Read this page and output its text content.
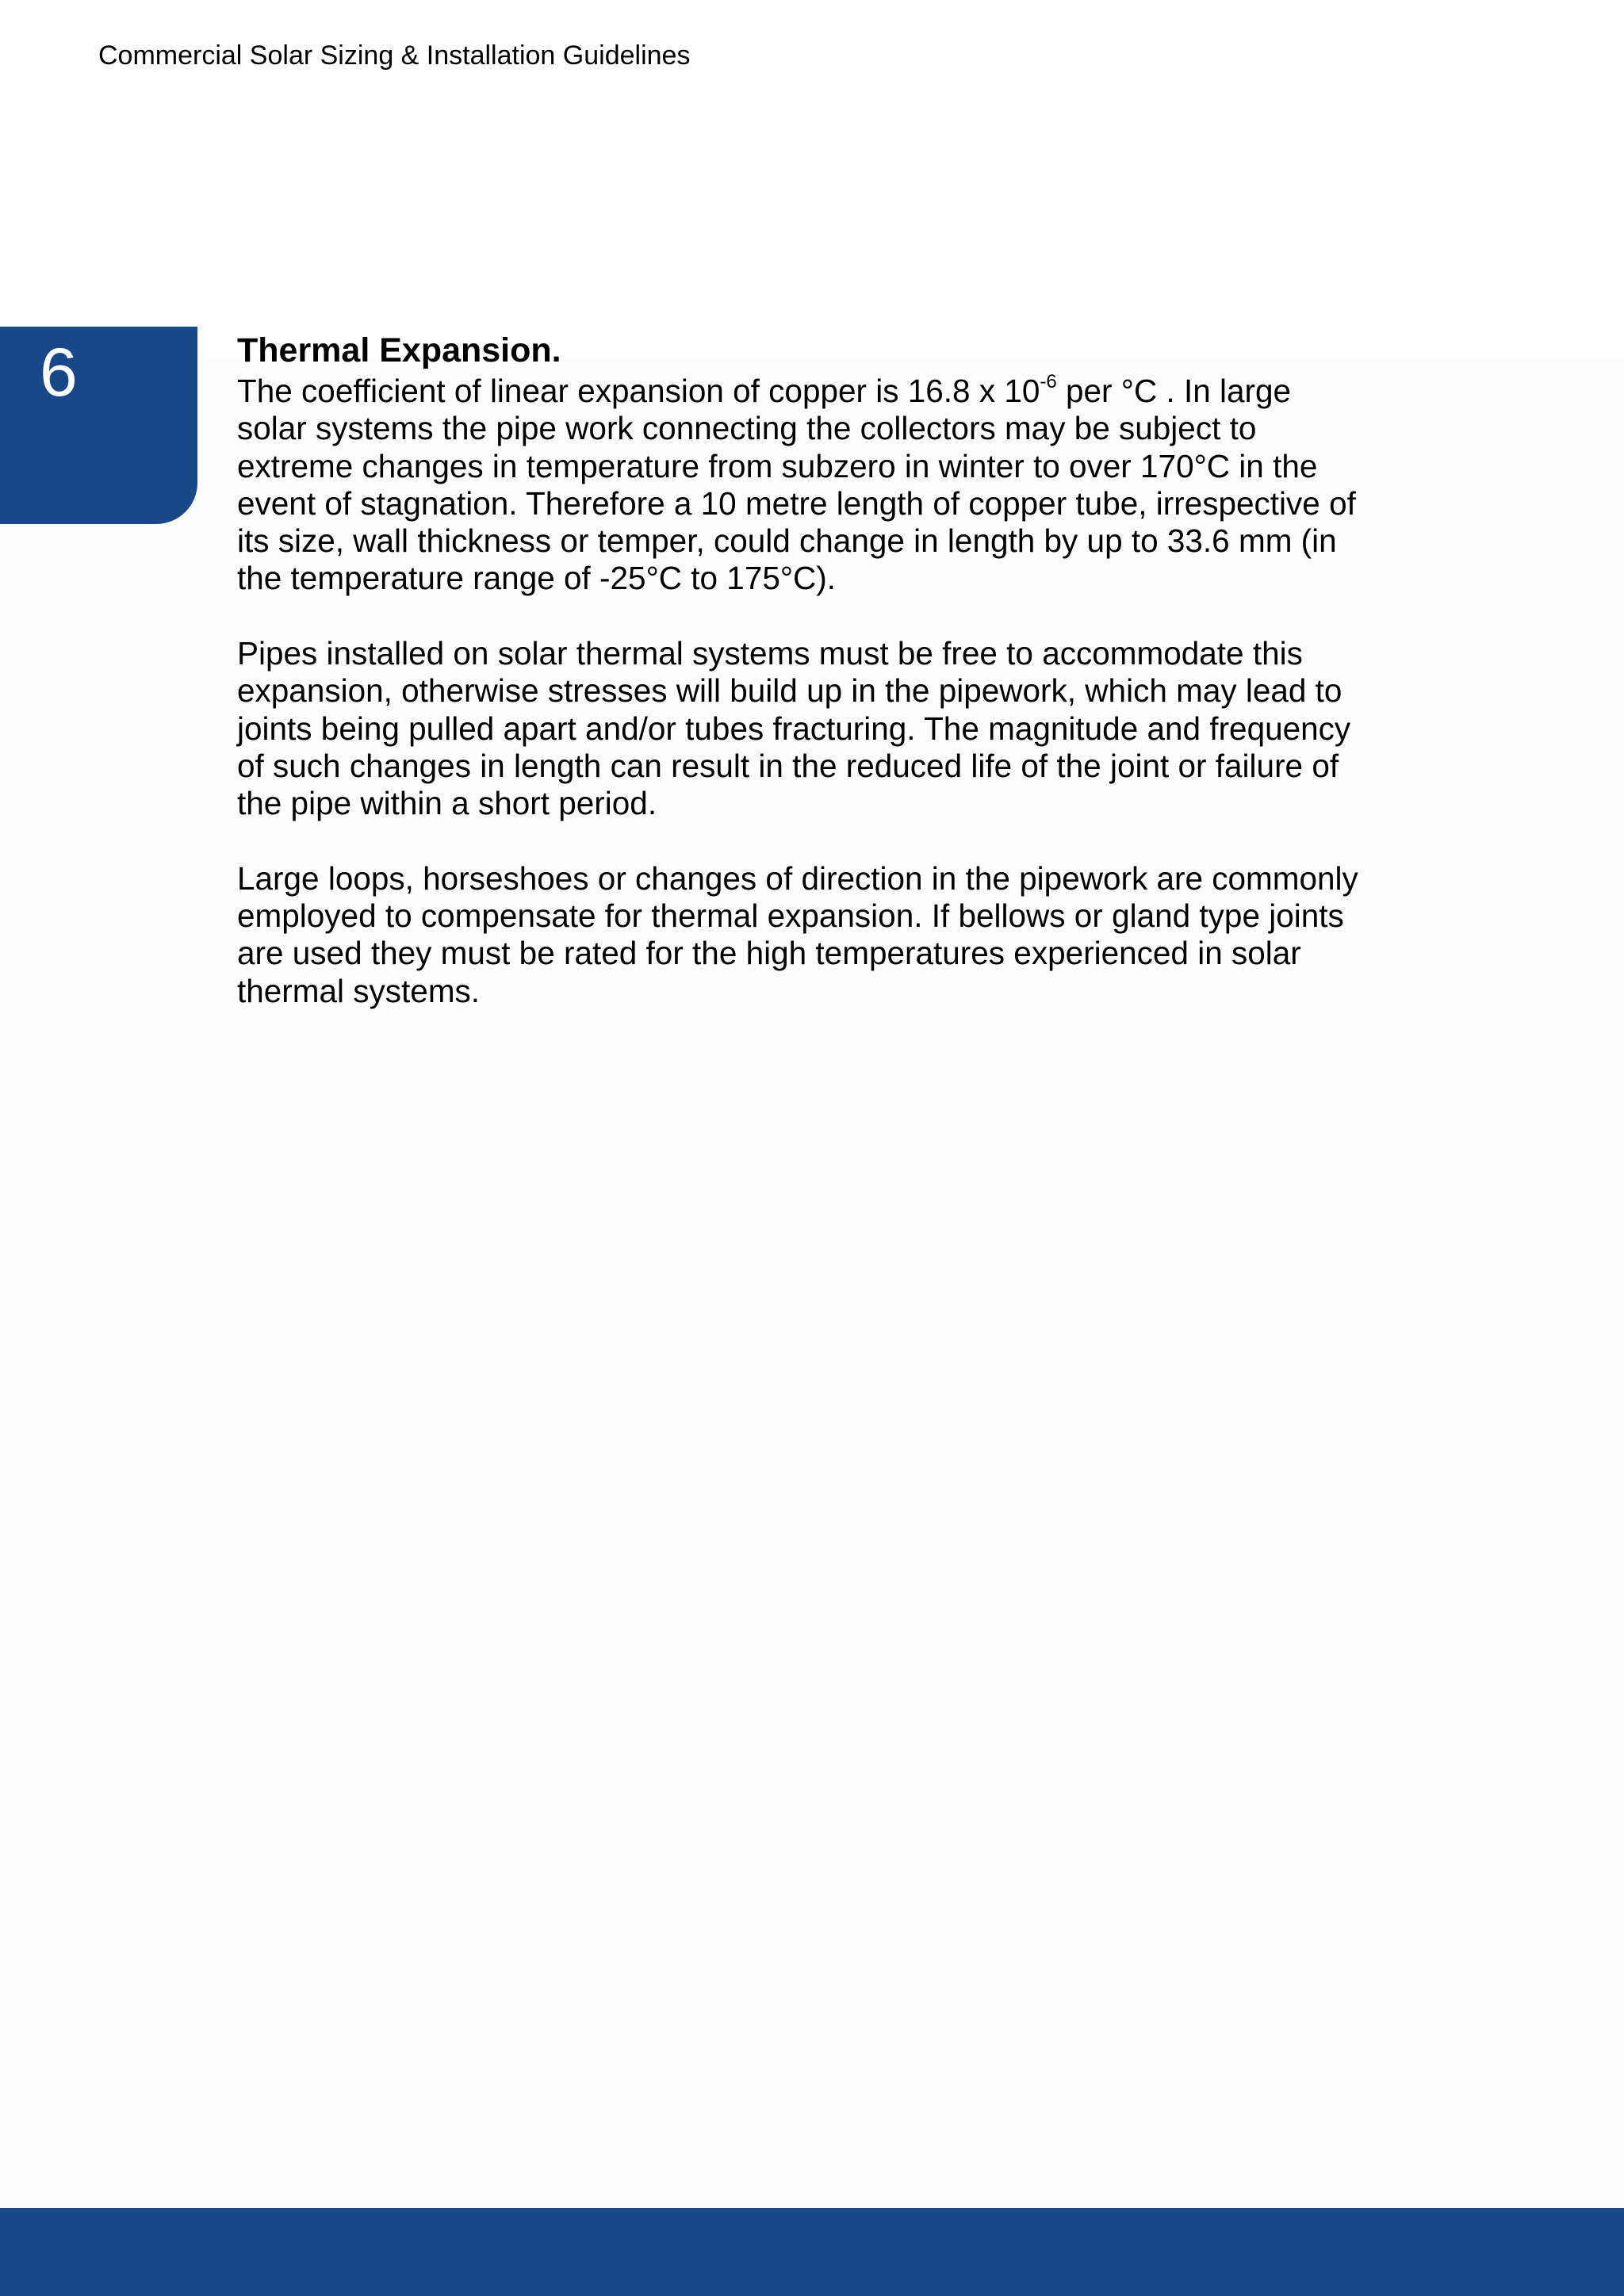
Commercial Solar Sizing & Installation Guidelines
6	Thermal Expansion.
The coefficient of linear expansion of copper is 16.8 x $10^{-6}$ per °C . In large
solar systems the pipe work connecting the collectors may be subject to
extreme changes in temperature from subzero in winter to over 170°C in the
event of stagnation. Therefore a 10 metre length of copper tube, irrespective of
its size, wall thickness or temper, could change in length by up to 33.6 mm (in
the temperature range of -25°C to 175°C).
Pipes installed on solar thermal systems must be free to accommodate this
expansion, otherwise stresses will build up in the pipework, which may lead to
joints being pulled apart and/or tubes fracturing. The magnitude and frequency
of such changes in length can result in the reduced life of the joint or failure of
the pipe within a short period.
Large loops, horseshoes or changes of direction in the pipework are commonly
employed to compensate for thermal expansion. If bellows or gland type joints
are used they must be rated for the high temperatures experienced in solar
thermal systems.
